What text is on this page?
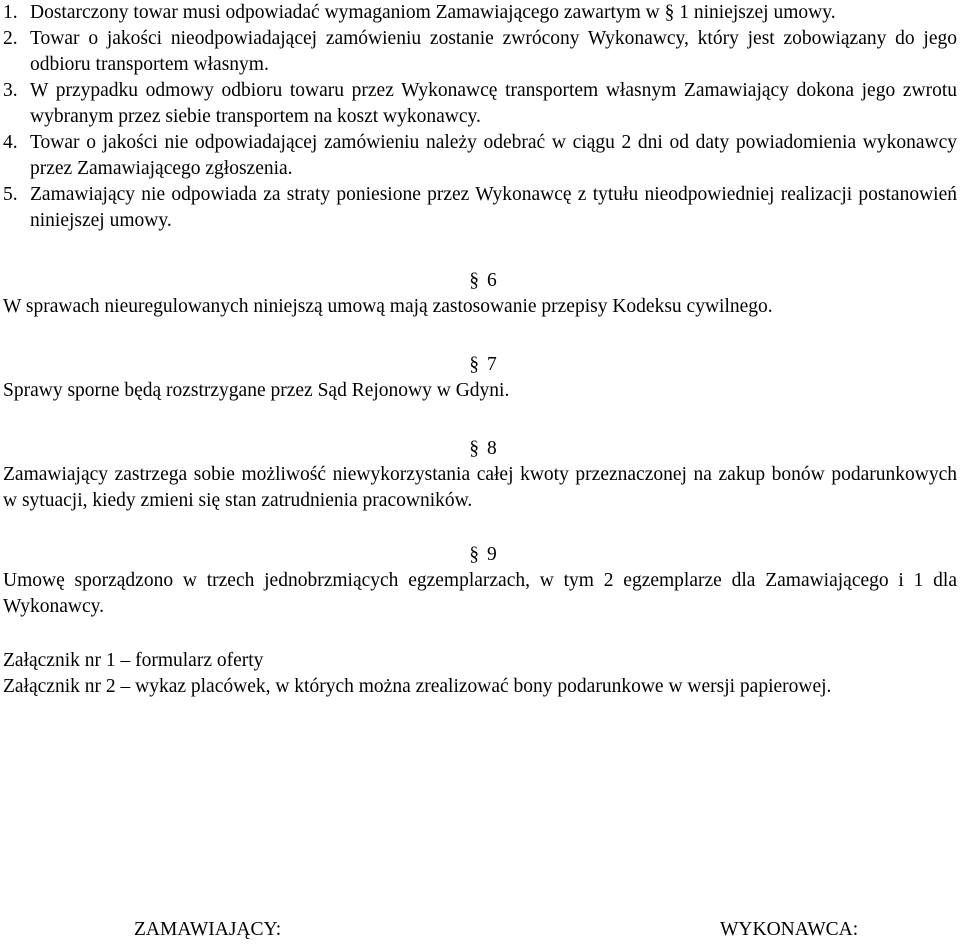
1. Dostarczony towar musi odpowiadać wymaganiom Zamawiającego zawartym w § 1 niniejszej umowy.
2. Towar o jakości nieodpowiadającej zamówieniu zostanie zwrócony Wykonawcy, który jest zobowiązany do jego odbioru transportem własnym.
3. W przypadku odmowy odbioru towaru przez Wykonawcę transportem własnym Zamawiający dokona jego zwrotu wybranym przez siebie transportem na koszt wykonawcy.
4. Towar o jakości nie odpowiadającej zamówieniu należy odebrać w ciągu 2 dni od daty powiadomienia wykonawcy przez Zamawiającego zgłoszenia.
5. Zamawiający nie odpowiada za straty poniesione przez Wykonawcę z tytułu nieodpowiedniej realizacji postanowień niniejszej umowy.
§ 6

W sprawach nieuregulowanych niniejszą umową mają zastosowanie przepisy Kodeksu cywilnego.

§ 7

Sprawy sporne będą rozstrzygane przez Sąd Rejonowy w Gdyni.

§ 8

Zamawiający zastrzega sobie możliwość niewykorzystania całej kwoty przeznaczonej na zakup bonów podarunkowych w sytuacji, kiedy zmieni się stan zatrudnienia pracowników.

§ 9

Umowę sporządzono w trzech jednobrzmiących egzemplarzach, w tym 2 egzemplarze dla Zamawiającego i 1 dla Wykonawcy.

Załącznik nr 1 – formularz oferty

Załącznik nr 2 – wykaz placówek, w których można zrealizować bony podarunkowe w wersji papierowej.

ZAMAWIAJĄCY:	WYKONAWCA:
